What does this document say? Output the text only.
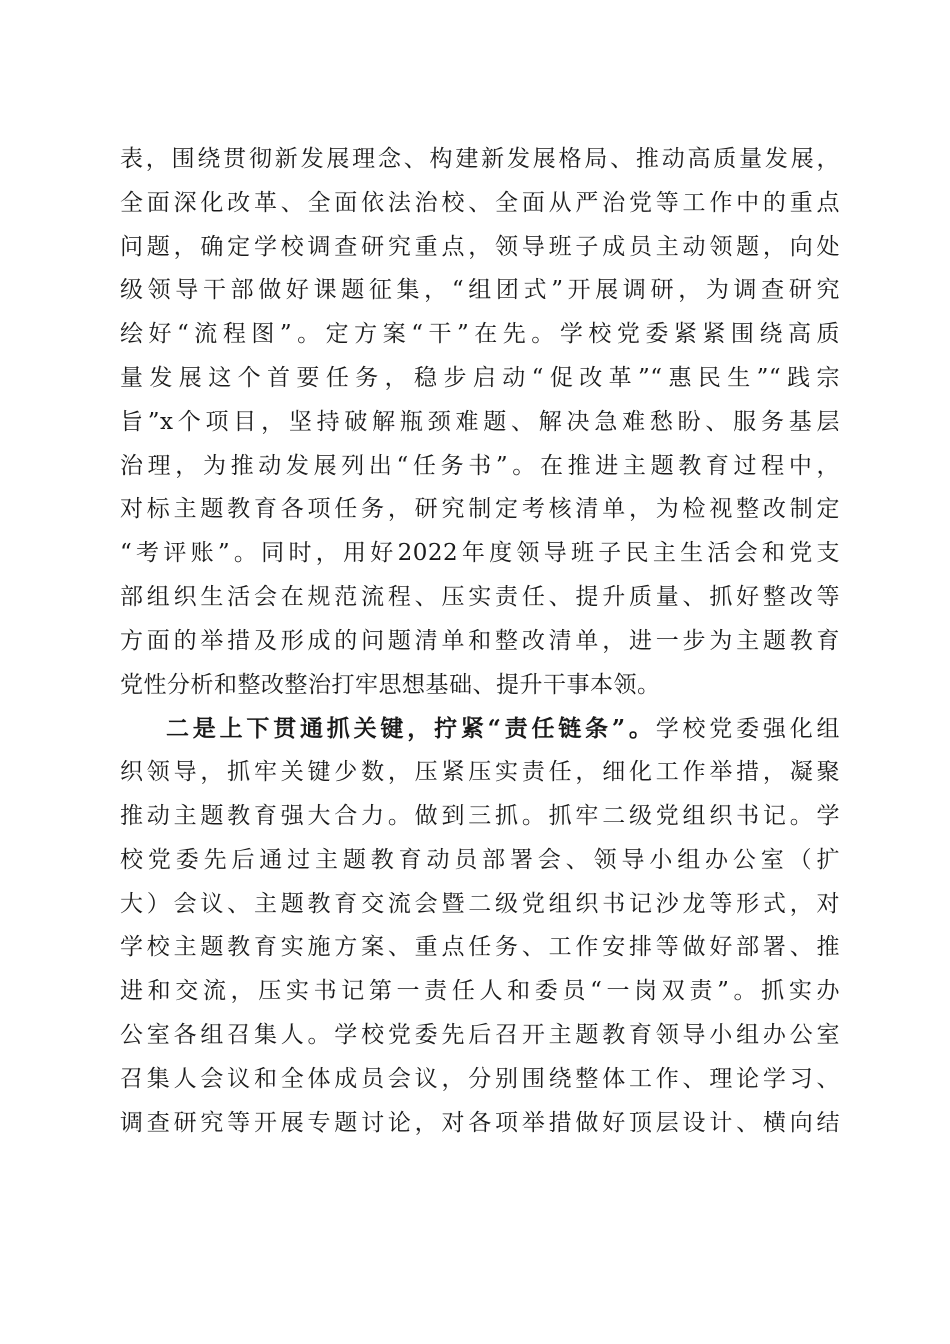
表，围绕贯彻新发展理念、构建新发展格局、推动高质量发展，
全面深化改革、全面依法治校、全面从严治党等工作中的重点
问题，确定学校调查研究重点，领导班子成员主动领题，向处
级领导干部做好课题征集，“组团式”开展调研，为调查研究
绘好“流程图”。定方案“干”在先。学校党委紧紧围绕高质
量发展这个首要任务，稳步启动“促改革”“惠民生”“践宗
旨”x个项目，坚持破解瓶颈难题、解决急难愁盼、服务基层
治理，为推动发展列出“任务书”。在推进主题教育过程中，
对标主题教育各项任务，研究制定考核清单，为检视整改制定
“考评账”。同时，用好2022年度领导班子民主生活会和党支
部组织生活会在规范流程、压实责任、提升质量、抓好整改等
方面的举措及形成的问题清单和整改清单，进一步为主题教育
党性分析和整改整治打牢思想基础、提升干事本领。
二是上下贯通抓关键，拧紧“责任链条”。学校党委强化组
织领导，抓牢关键少数，压紧压实责任，细化工作举措，凝聚
推动主题教育强大合力。做到三抓。抓牢二级党组织书记。学
校党委先后通过主题教育动员部署会、领导小组办公室（扩
大）会议、主题教育交流会暨二级党组织书记沙龙等形式，对
学校主题教育实施方案、重点任务、工作安排等做好部署、推
进和交流，压实书记第一责任人和委员“一岗双责”。抓实办
公室各组召集人。学校党委先后召开主题教育领导小组办公室
召集人会议和全体成员会议，分别围绕整体工作、理论学习、
调查研究等开展专题讨论，对各项举措做好顶层设计、横向结
